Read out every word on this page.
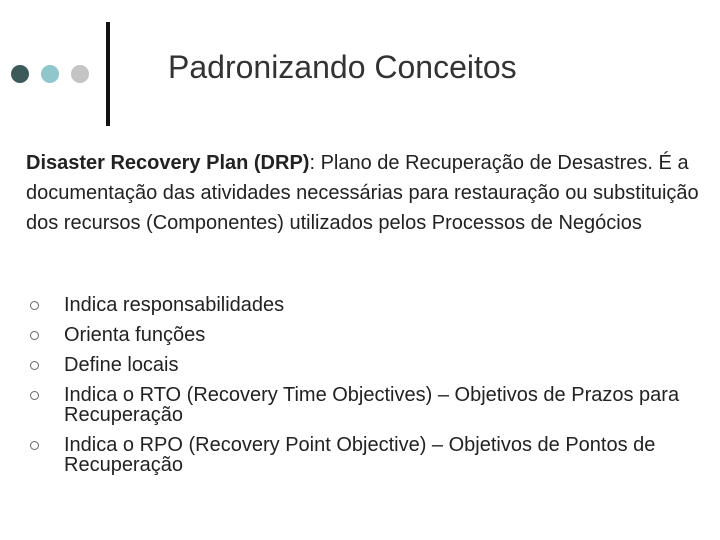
Padronizando Conceitos
Disaster Recovery Plan (DRP): Plano de Recuperação de Desastres. É a documentação das atividades necessárias para restauração ou substituição dos recursos (Componentes) utilizados pelos Processos de Negócios
Indica responsabilidades
Orienta funções
Define locais
Indica o RTO (Recovery Time Objectives) – Objetivos de Prazos para Recuperação
Indica o RPO (Recovery Point Objective) – Objetivos de Pontos de Recuperação
